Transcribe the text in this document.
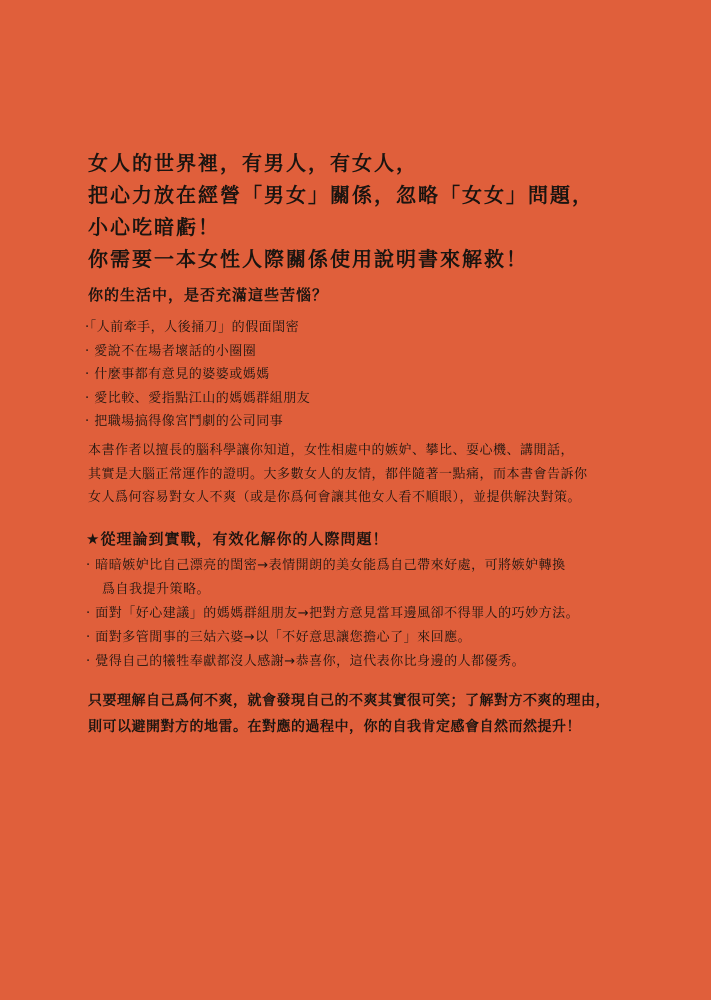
女人的世界裡，有男人，有女人，
把心力放在經營「男女」關係，忽略「女女」問題，
小心吃暗虧！
你需要一本女性人際關係使用說明書來解救！
你的生活中，是否充滿這些苦惱？
‧「人前牽手，人後捅刀」的假面閨密
‧ 愛說不在場者壞話的小圈圈
‧ 什麼事都有意見的婆婆或媽媽
‧ 愛比較、愛指點江山的媽媽群組朋友
‧ 把職場搞得像宮鬥劇的公司同事
本書作者以擅長的腦科學讓你知道，女性相處中的嫉妒、攀比、耍心機、講閒話，
其實是大腦正常運作的證明。大多數女人的友情，都伴隨著一點痛，而本書會告訴你
女人爲何容易對女人不爽（或是你爲何會讓其他女人看不順眼），並提供解決對策。
★從理論到實戰，有效化解你的人際問題！
‧ 暗暗嫉妒比自己漂亮的閨密→表情開朗的美女能爲自己帶來好處，可將嫉妒轉換
爲自我提升策略。
‧ 面對「好心建議」的媽媽群組朋友→把對方意見當耳邊風卻不得罪人的巧妙方法。
‧ 面對多管閒事的三姑六婆→以「不好意思讓您擔心了」來回應。
‧ 覺得自己的犧牲奉獻都沒人感謝→恭喜你，這代表你比身邊的人都優秀。
只要理解自己爲何不爽，就會發現自己的不爽其實很可笑；了解對方不爽的理由，
則可以避開對方的地雷。在對應的過程中，你的自我肯定感會自然而然提升！
